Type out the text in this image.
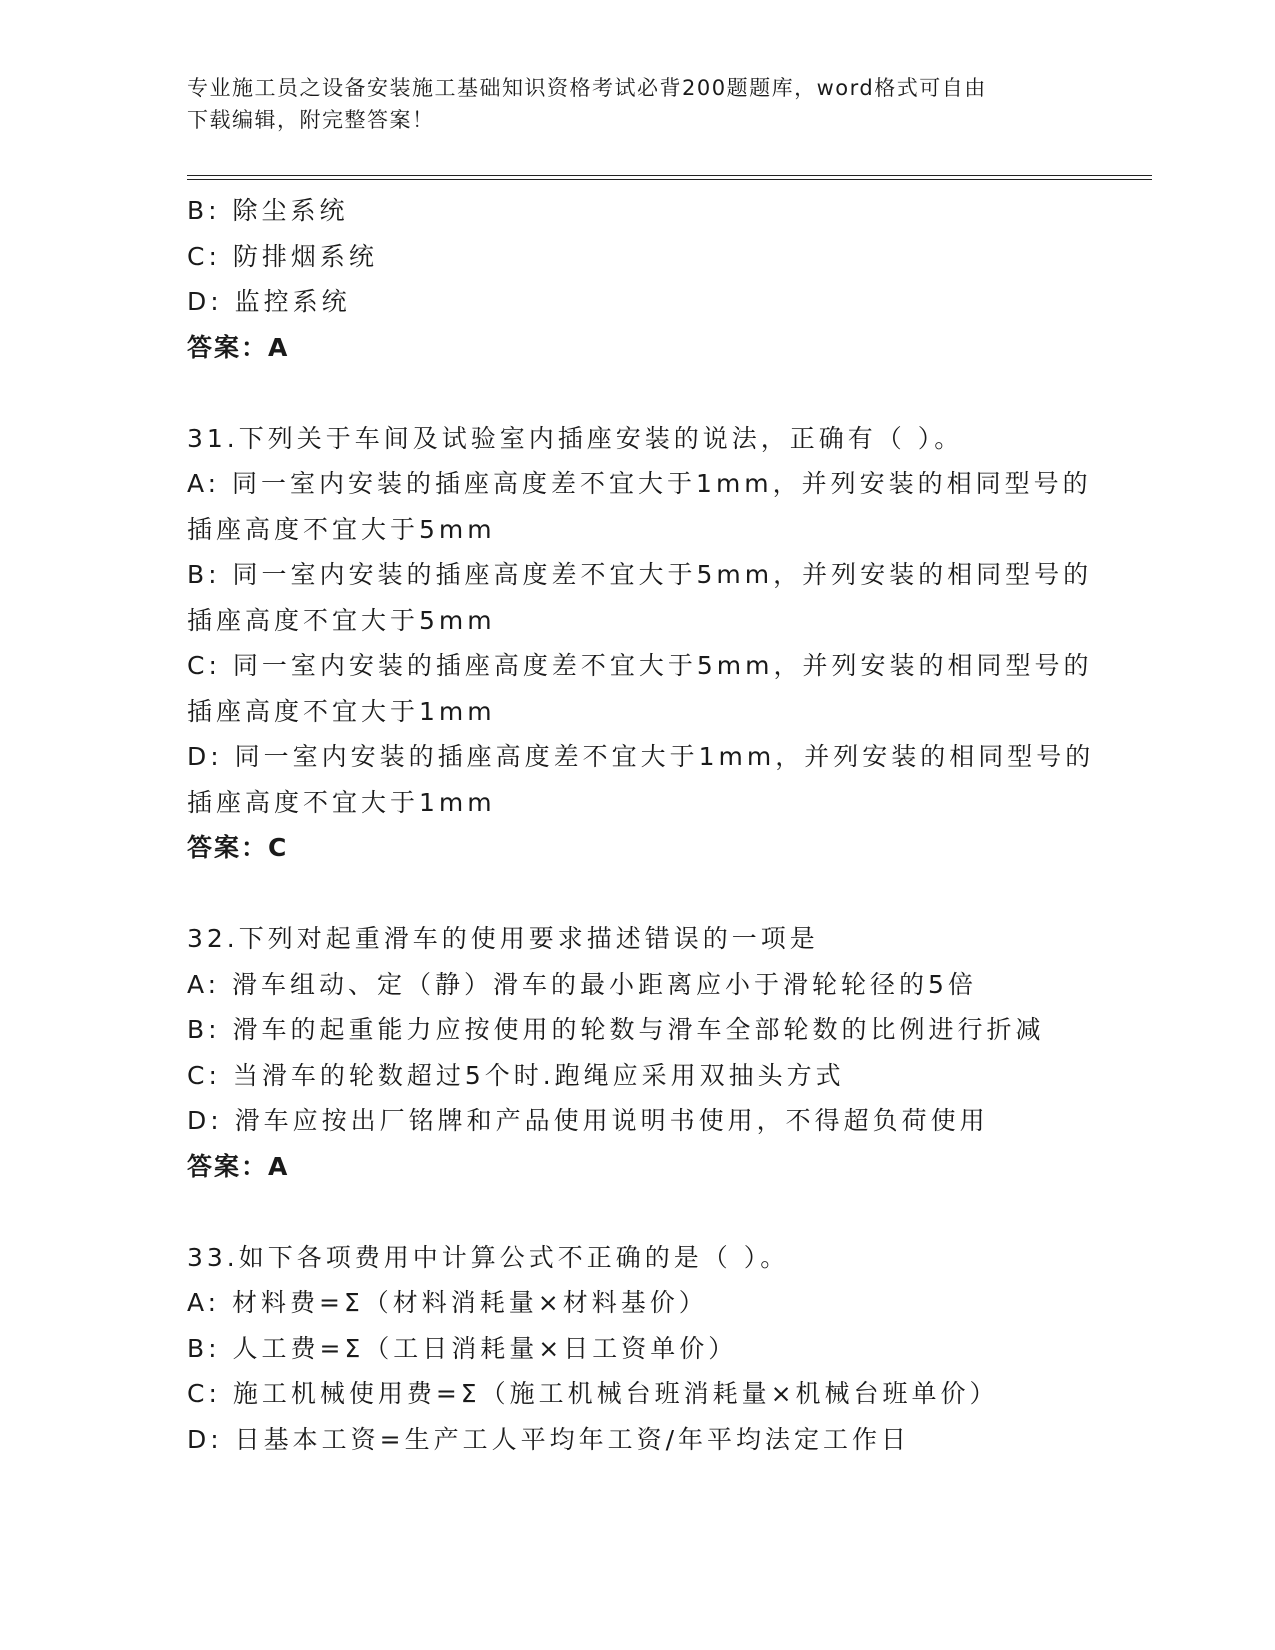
专业施工员之设备安装施工基础知识资格考试必背200题题库，word格式可自由
下载编辑，附完整答案！
B: 除尘系统
C: 防排烟系统
D: 监控系统
答案：A
31.下列关于车间及试验室内插座安装的说法，正确有（ ）。
A: 同一室内安装的插座高度差不宜大于1mm，并列安装的相同型号的
插座高度不宜大于5mm
B: 同一室内安装的插座高度差不宜大于5mm，并列安装的相同型号的
插座高度不宜大于5mm
C: 同一室内安装的插座高度差不宜大于5mm，并列安装的相同型号的
插座高度不宜大于1mm
D: 同一室内安装的插座高度差不宜大于1mm，并列安装的相同型号的
插座高度不宜大于1mm
答案：C
32.下列对起重滑车的使用要求描述错误的一项是
A: 滑车组动、定（静）滑车的最小距离应小于滑轮轮径的5倍
B: 滑车的起重能力应按使用的轮数与滑车全部轮数的比例进行折减
C: 当滑车的轮数超过5个时.跑绳应采用双抽头方式
D: 滑车应按出厂铭牌和产品使用说明书使用，不得超负荷使用
答案：A
33.如下各项费用中计算公式不正确的是（ ）。
A: 材料费=Σ（材料消耗量×材料基价）
B: 人工费=Σ（工日消耗量×日工资单价）
C: 施工机械使用费=Σ（施工机械台班消耗量×机械台班单价）
D: 日基本工资=生产工人平均年工资/年平均法定工作日
